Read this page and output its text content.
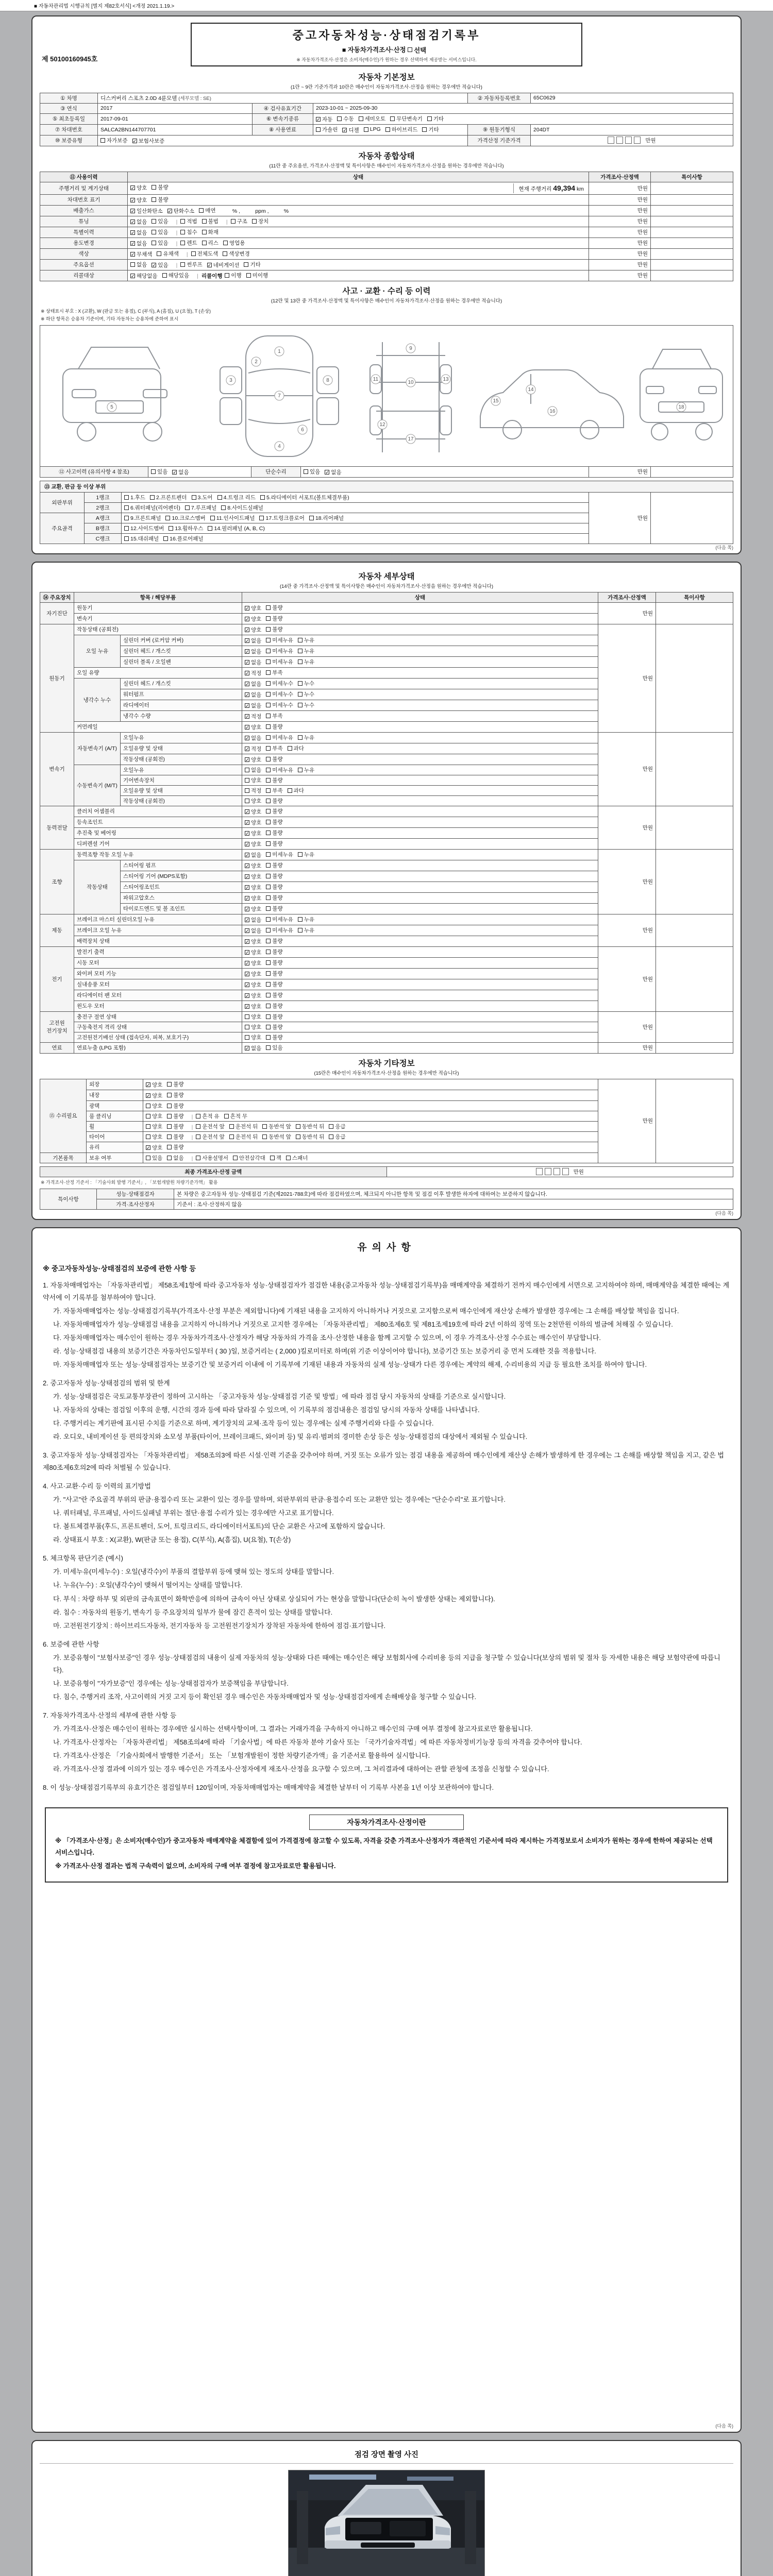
■ 자동차관리법 시행규칙 [별지 제82호서식] <개정 2021.1.19.>
제 50100160945호
중고자동차성능·상태점검기록부
■ 자동차가격조사·산정 선택
※ 자동차가격조사·산정은 소비자(매수인)가 원하는 경우 선택하여 제공받는 서비스입니다.
자동차 기본정보
(1란 ~ 9란 기준가격과 10란은 매수인이 자동차가격조사·산정을 원하는 경우에만 적습니다)
① 차명	디스커버리 스포츠 2.0D 4륜모델 (세부모델 : SE)			② 자동차등록번호	65C0629
③ 연식	2017	④ 검사유효기간	2023-10-01 ~ 2025-09-30		
⑤ 최초등록일	2017-09-01	⑥ 변속기종류	✓ 자동 수동 세미오토 무단변속기 기타

⑦ 차대번호	SALCA2BN144707701	⑧ 사용연료	가솔린 ✓ 디젤 LPG 하이브리드 기타	⑨ 원동기형식	204DT
⑩ 보증유형	자가보증 ✓ 보험사보증			가격산정 기준가격	만원
자동차 종합상태
(11란 중 주요옵션, 가격조사·산정액 및 특이사항은 매수인이 자동차가격조사·산정을 원하는 경우에만 적습니다)
⑪ 사용이력	상태	가격조사·산정액	특이사항
주행거리 및 계기상태	✓ 양호 불량 현재 주행거리 49,394 km	만원	
차대번호 표기	✓ 양호 불량	만원	
배출가스	✓ 일산화탄소 ✓ 탄화수소 매연 % ,          ppm ,          %	만원	
튜닝	✓ 없음 있음 | 적법 불법 | 구조 장치	만원	
특별이력	✓ 없음 있음 | 침수 화재	만원	
용도변경	✓ 없음 있음 | 렌트 리스 영업용	만원	
색상	✓ 무채색 유채색 | 전체도색 색상변경	만원	
주요옵션	없음 ✓ 있음 | 썬루프 ✓ 네비게이션 기타	만원	
리콜대상	✓ 해당없음 해당있음 | 리콜이행 이행 미이행	만원	
사고 · 교환 · 수리 등 이력
(12란 및 13란 중 가격조사·산정액 및 특이사항은 매수인이 자동차가격조사·산정을 원하는 경우에만 적습니다)
※ 상태표시 부호 : X (교환), W (판금 또는 용접), C (부식), A (흠집), U (요철), T (손상)
※ 하단 항목은 승용차 기준이며, 기타 자동차는 승용차에 준하여 표시
1
2
3
4
5
6
7
8
9
10
11
12
13
14
15
16
17
18
⑫ 사고이력 (유의사항 4 참조)	있음 ✓ 없음	단순수리	있음 ✓ 없음	만원	
⑬ 교환, 판금 등 이상 부위
외판부위	1랭크	1.후드 2.프론트펜더 3.도어 4.트렁크 리드 5.라디에이터 서포트(볼트체결부품)	만원	
	2랭크	6.쿼터패널(리어펜더) 7.루프패널 8.사이드실패널		

주요골격	A랭크	9.프론트패널 10.크로스멤버 11.인사이드패널 17.트렁크플로어 18.리어패널		

	B랭크	12.사이드멤버 13.휠하우스 14.필러패널 (A, B, C)		

	C랭크	15.대쉬패널 16.플로어패널		
(다음 쪽)
자동차 세부상태
(14란 중 가격조사·산정액 및 특이사항은 매수인이 자동차가격조사·산정을 원하는 경우에만 적습니다)
⑭ 주요장치	항목 / 해당부품		상태	가격조사·산정액	특이사항
자기진단	원동기		✓ 양호 불량	만원	
	변속기		✓ 양호 불량		

원동기	작동상태 (공회전)		✓ 양호 불량	만원	
	오일 누유	실린더 커버 (로커암 커버)	✓ 없음 미세누유 누유		

		실린더 헤드 / 개스킷	✓ 없음 미세누유 누유		

		실린더 블록 / 오일팬	✓ 없음 미세누유 누유		

	오일 유량		✓ 적정 부족		

	냉각수 누수	실린더 헤드 / 개스킷	✓ 없음 미세누수 누수		

		워터펌프	✓ 없음 미세누수 누수		

		라디에이터	✓ 없음 미세누수 누수		

		냉각수 수량	✓ 적정 부족		

	커먼레일		✓ 양호 불량		

변속기	자동변속기 (A/T)	오일누유	✓ 없음 미세누유 누유	만원	
		오일유량 및 상태	✓ 적정 부족 과다		

		작동상태 (공회전)	✓ 양호 불량		

	수동변속기 (M/T)	오일누유	없음 미세누유 누유		

		기어변속장치	양호 불량		

		오일유량 및 상태	적정 부족 과다		

		작동상태 (공회전)	양호 불량		

동력전달	클러치 어셈블리		✓ 양호 불량	만원	
	등속조인트		✓ 양호 불량		

	추진축 및 베어링		✓ 양호 불량		

	디퍼렌셜 기어		✓ 양호 불량		

조향	동력조향 작동 오일 누유		✓ 없음 미세누유 누유	만원	
	작동상태	스티어링 펌프	✓ 양호 불량		

		스티어링 기어 (MDPS포함)	✓ 양호 불량		

		스티어링조인트	✓ 양호 불량		

		파워고압호스	✓ 양호 불량		

		타이로드엔드 및 볼 조인트	✓ 양호 불량		

제동	브레이크 마스터 실린더오일 누유		✓ 없음 미세누유 누유	만원	
	브레이크 오일 누유		✓ 없음 미세누유 누유		

	배력장치 상태		✓ 양호 불량		

전기	발전기 출력		✓ 양호 불량	만원	
	시동 모터		✓ 양호 불량		

	와이퍼 모터 기능		✓ 양호 불량		

	실내송풍 모터		✓ 양호 불량		

	라디에이터 팬 모터		✓ 양호 불량		

	윈도우 모터		✓ 양호 불량		

고전원 전기장치	충전구 절연 상태		양호 불량	만원	
	구동축전지 격리 상태		양호 불량		

	고전원전기배선 상태 (접속단자, 피복, 보호기구)		양호 불량		

연료	연료누출 (LPG 포함)		✓ 없음 있음	만원	
자동차 기타정보
(15란은 매수인이 자동차가격조사·산정을 원하는 경우에만 적습니다)
⑮ 수리필요	외장	✓ 양호 불량	만원	
	내장	✓ 양호 불량		

	광택	양호 불량		

	룸 클리닝	양호 불량 | 흔적 유 흔적 무		

휠	양호 불량 | 운전석 앞 운전석 뒤 동반석 앞 동반석 뒤 응급

타이어	양호 불량 | 운전석 앞 운전석 뒤 동반석 앞 동반석 뒤 응급

	유리	✓ 양호 불량		

기본품목	보유 여부	있음 없음 | 사용설명서 안전삼각대 잭 스패너
최종 가격조사·산정 금액	만원
※ 가격조사·산정 기준서 : 「기술사회 발행 기준서」, 「보험개발원 차량기준가액」 활용
특이사항	성능·상태점검자	본 차량은 중고자동차 성능·상태점검 기준(제2021-788호)에 따라 점검하였으며, 체크되지 아니한 항목 및 점검 이후 발생한 하자에 대하여는 보증하지 않습니다.
	가격·조사산정자	기준서 : 조사·산정하지 않음
(다음 쪽)
유의사항

※ 중고자동차성능·상태점검의 보증에 관한 사항 등

1. 자동차매매업자는 「자동차관리법」 제58조제1항에 따라 중고자동차 성능·상태점검자가 점검한 내용(중고자동차 성능·상태점검기록부)을 매매계약을 체결하기 전까지 매수인에게 서면으로 고지하여야 하며, 매매계약을 체결한 때에는 계약서에 이 기록부를 첨부하여야 합니다.

가. 자동차매매업자는 성능·상태점검기록부(가격조사·산정 부분은 제외합니다)에 기재된 내용을 고지하지 아니하거나 거짓으로 고지함으로써 매수인에게 재산상 손해가 발생한 경우에는 그 손해를 배상할 책임을 집니다.

나. 자동차매매업자가 성능·상태점검 내용을 고지하지 아니하거나 거짓으로 고지한 경우에는 「자동차관리법」 제80조제6호 및 제81조제19호에 따라 2년 이하의 징역 또는 2천만원 이하의 벌금에 처해질 수 있습니다.

다. 자동차매매업자는 매수인이 원하는 경우 자동차가격조사·산정자가 해당 자동차의 가격을 조사·산정한 내용을 함께 고지할 수 있으며, 이 경우 가격조사·산정 수수료는 매수인이 부담합니다.

라. 성능·상태점검 내용의 보증기간은 자동차인도일부터 ( 30 )일, 보증거리는 ( 2,000 )킬로미터로 하며(위 기준 이상이어야 합니다), 보증기간 또는 보증거리 중 먼저 도래한 것을 적용합니다.

마. 자동차매매업자 또는 성능·상태점검자는 보증기간 및 보증거리 이내에 이 기록부에 기재된 내용과 자동차의 실제 성능·상태가 다른 경우에는 계약의 해제, 수리비용의 지급 등 필요한 조치를 하여야 합니다.

2. 중고자동차 성능·상태점검의 범위 및 한계

가. 성능·상태점검은 국토교통부장관이 정하여 고시하는 「중고자동차 성능·상태점검 기준 및 방법」에 따라 점검 당시 자동차의 상태를 기준으로 실시합니다.

나. 자동차의 상태는 점검일 이후의 운행, 시간의 경과 등에 따라 달라질 수 있으며, 이 기록부의 점검내용은 점검일 당시의 자동차 상태를 나타냅니다.

다. 주행거리는 계기판에 표시된 수치를 기준으로 하며, 계기장치의 교체·조작 등이 있는 경우에는 실제 주행거리와 다를 수 있습니다.

라. 오디오, 내비게이션 등 편의장치와 소모성 부품(타이어, 브레이크패드, 와이퍼 등) 및 유리·범퍼의 경미한 손상 등은 성능·상태점검의 대상에서 제외될 수 있습니다.

3. 중고자동차 성능·상태점검자는 「자동차관리법」 제58조의3에 따른 시설·인력 기준을 갖추어야 하며, 거짓 또는 오류가 있는 점검 내용을 제공하여 매수인에게 재산상 손해가 발생하게 한 경우에는 그 손해를 배상할 책임을 지고, 같은 법 제80조제6호의2에 따라 처벌될 수 있습니다.

4. 사고·교환·수리 등 이력의 표기방법

가. "사고"란 주요골격 부위의 판금·용접수리 또는 교환이 있는 경우를 말하며, 외판부위의 판금·용접수리 또는 교환만 있는 경우에는 "단순수리"로 표기합니다.

나. 쿼터패널, 루프패널, 사이드실패널 부위는 절단·용접 수리가 있는 경우에만 사고로 표기합니다.

다. 볼트체결부품(후드, 프론트펜더, 도어, 트렁크리드, 라디에이터서포트)의 단순 교환은 사고에 포함하지 않습니다.

라. 상태표시 부호 : X(교환), W(판금 또는 용접), C(부식), A(흠집), U(요철), T(손상)

5. 체크항목 판단기준 (예시)

가. 미세누유(미세누수) : 오일(냉각수)이 부품의 결합부위 등에 맺혀 있는 정도의 상태를 말합니다.

나. 누유(누수) : 오일(냉각수)이 맺혀서 떨어지는 상태를 말합니다.

다. 부식 : 차량 하부 및 외판의 금속표면이 화학반응에 의하여 금속이 아닌 상태로 상실되어 가는 현상을 말합니다(단순히 녹이 발생한 상태는 제외합니다).

라. 침수 : 자동차의 원동기, 변속기 등 주요장치의 일부가 물에 잠긴 흔적이 있는 상태를 말합니다.

마. 고전원전기장치 : 하이브리드자동차, 전기자동차 등 고전원전기장치가 장착된 자동차에 한하여 점검·표기합니다.

6. 보증에 관한 사항

가. 보증유형이 "보험사보증"인 경우 성능·상태점검의 내용이 실제 자동차의 성능·상태와 다른 때에는 매수인은 해당 보험회사에 수리비용 등의 지급을 청구할 수 있습니다(보상의 범위 및 절차 등 자세한 내용은 해당 보험약관에 따릅니다).

나. 보증유형이 "자가보증"인 경우에는 성능·상태점검자가 보증책임을 부담합니다.

다. 침수, 주행거리 조작, 사고이력의 거짓 고지 등이 확인된 경우 매수인은 자동차매매업자 및 성능·상태점검자에게 손해배상을 청구할 수 있습니다.

7. 자동차가격조사·산정의 세부에 관한 사항 등

가. 가격조사·산정은 매수인이 원하는 경우에만 실시하는 선택사항이며, 그 결과는 거래가격을 구속하지 아니하고 매수인의 구매 여부 결정에 참고자료로만 활용됩니다.

나. 가격조사·산정자는 「자동차관리법」 제58조의4에 따라 「기술사법」에 따른 자동차 분야 기술사 또는 「국가기술자격법」에 따른 자동차정비기능장 등의 자격을 갖추어야 합니다.

다. 가격조사·산정은 「기술사회에서 발행한 기준서」 또는 「보험개발원이 정한 차량기준가액」을 기준서로 활용하여 실시합니다.

라. 가격조사·산정 결과에 이의가 있는 경우 매수인은 가격조사·산정자에게 재조사·산정을 요구할 수 있으며, 그 처리결과에 대하여는 관할 관청에 조정을 신청할 수 있습니다.

8. 이 성능·상태점검기록부의 유효기간은 점검일부터 120일이며, 자동차매매업자는 매매계약을 체결한 날부터 이 기록부 사본을 1년 이상 보관하여야 합니다.

자동차가격조사·산정이란

※ 「가격조사·산정」은 소비자(매수인)가 중고자동차 매매계약을 체결함에 있어 가격결정에 참고할 수 있도록, 자격을 갖춘 가격조사·산정자가 객관적인 기준서에 따라 제시하는 가격정보로서 소비자가 원하는 경우에 한하여 제공되는 선택 서비스입니다.

※ 가격조사·산정 결과는 법적 구속력이 없으며, 소비자의 구매 여부 결정에 참고자료로만 활용됩니다.

(다음 쪽)
점검 장면 촬영 사진
